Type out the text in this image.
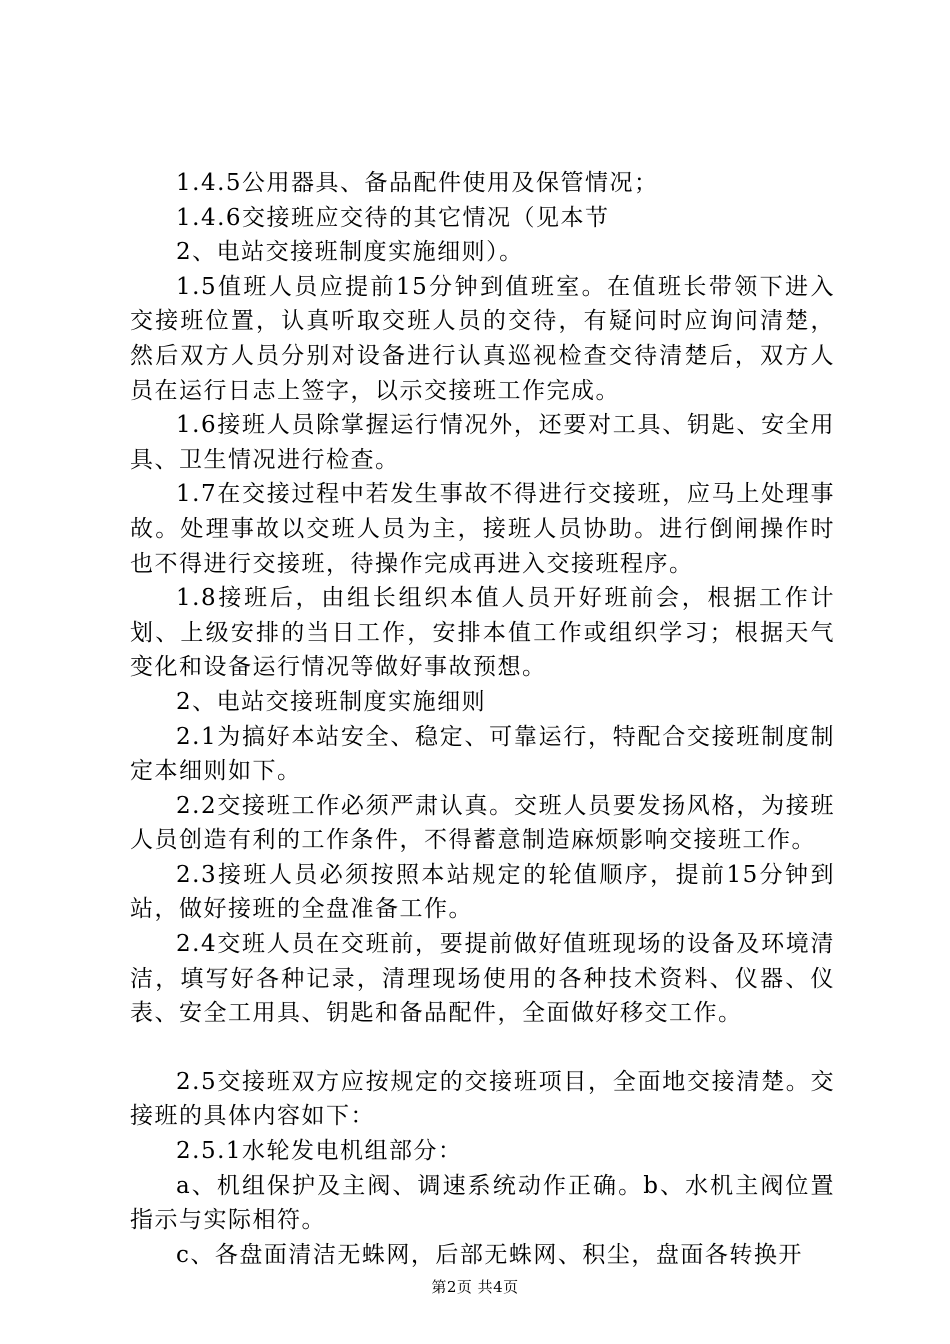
1.4.5公用器具、备品配件使用及保管情况；

1.4.6交接班应交待的其它情况（见本节

2、电站交接班制度实施细则）。

1.5值班人员应提前15分钟到值班室。在值班长带领下进入交接班位置，认真听取交班人员的交待，有疑问时应询问清楚，然后双方人员分别对设备进行认真巡视检查交待清楚后，双方人员在运行日志上签字，以示交接班工作完成。

1.6接班人员除掌握运行情况外，还要对工具、钥匙、安全用具、卫生情况进行检查。

1.7在交接过程中若发生事故不得进行交接班，应马上处理事故。处理事故以交班人员为主，接班人员协助。进行倒闸操作时也不得进行交接班，待操作完成再进入交接班程序。

1.8接班后，由组长组织本值人员开好班前会，根据工作计划、上级安排的当日工作，安排本值工作或组织学习；根据天气变化和设备运行情况等做好事故预想。

2、电站交接班制度实施细则

2.1为搞好本站安全、稳定、可靠运行，特配合交接班制度制定本细则如下。

2.2交接班工作必须严肃认真。交班人员要发扬风格，为接班人员创造有利的工作条件，不得蓄意制造麻烦影响交接班工作。

2.3接班人员必须按照本站规定的轮值顺序，提前15分钟到站，做好接班的全盘准备工作。

2.4交班人员在交班前，要提前做好值班现场的设备及环境清洁，填写好各种记录，清理现场使用的各种技术资料、仪器、仪表、安全工用具、钥匙和备品配件，全面做好移交工作。

2.5交接班双方应按规定的交接班项目，全面地交接清楚。交接班的具体内容如下：

2.5.1水轮发电机组部分：

a、机组保护及主阀、调速系统动作正确。b、水机主阀位置指示与实际相符。

c、各盘面清洁无蛛网，后部无蛛网、积尘，盘面各转换开

第2页 共4页
